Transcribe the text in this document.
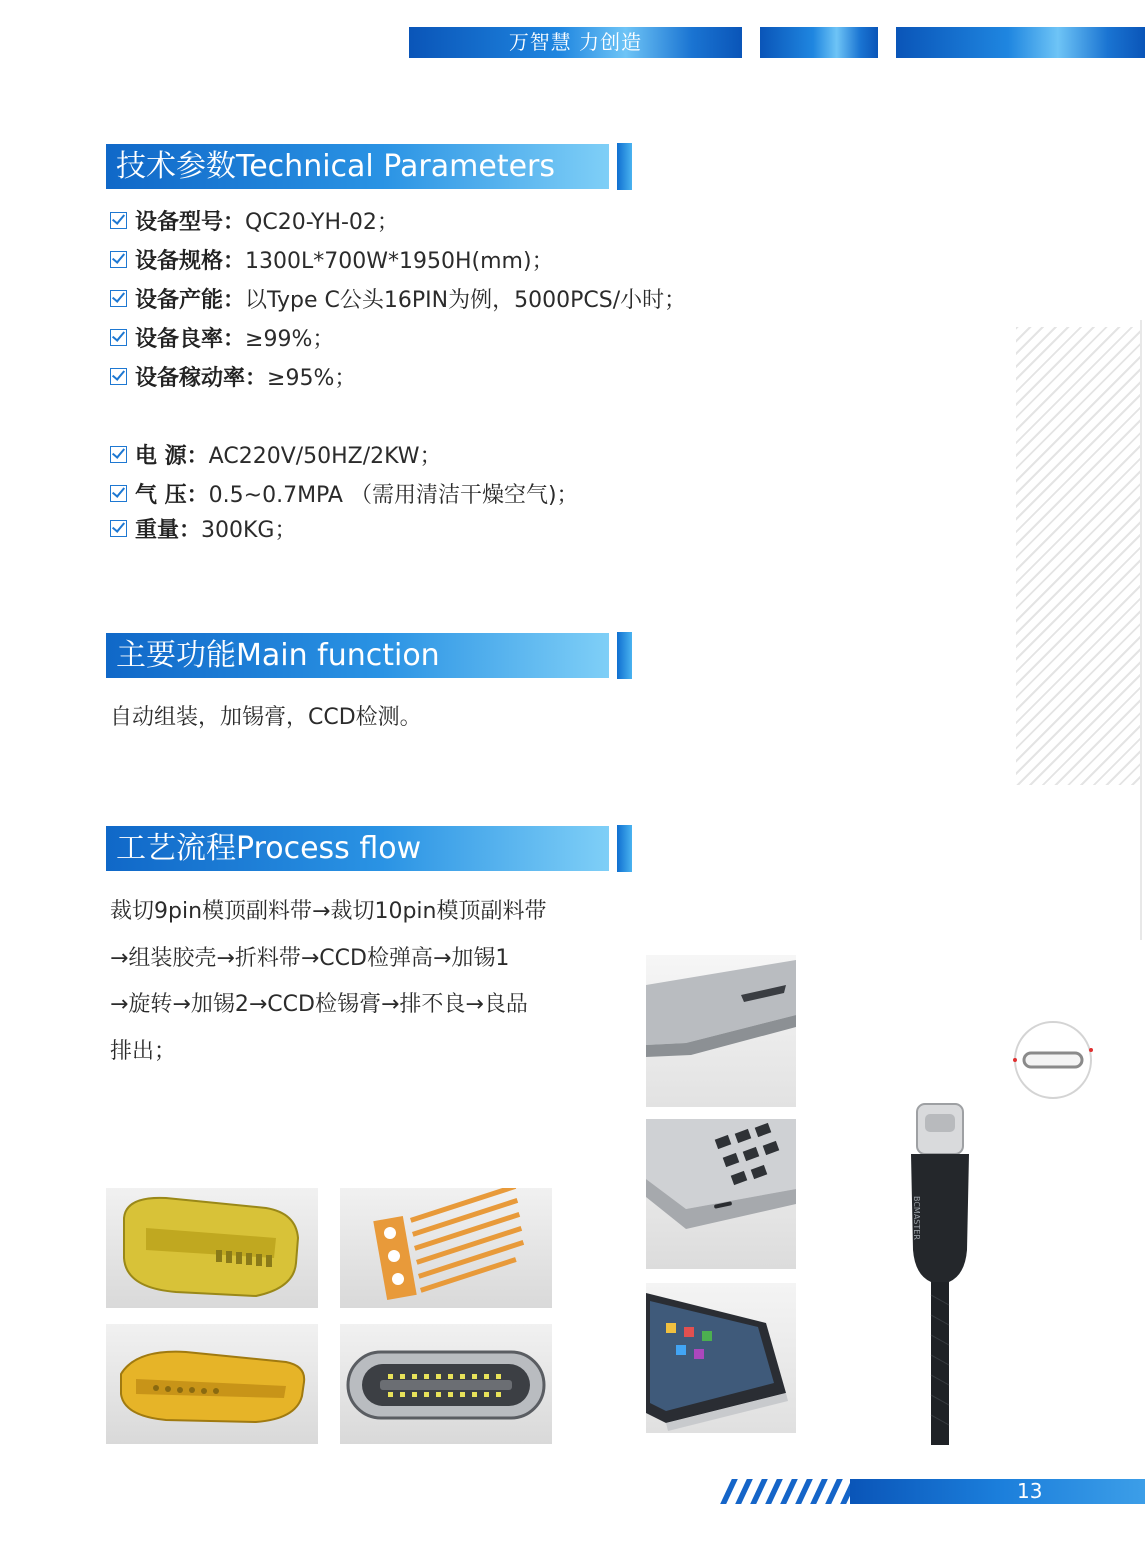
万智慧 力创造
技术参数Technical Parameters
设备型号： QC20-YH-02；
设备规格： 1300L*700W*1950H(mm)；
设备产能： 以Type C公头16PIN为例，5000PCS/小时；
设备良率： ≥99%；
设备稼动率： ≥95%；
电 源： AC220V/50HZ/2KW；
气 压： 0.5~0.7MPA （需用清洁干燥空气)；
重量： 300KG；
主要功能Main function
自动组装，加锡膏，CCD检测。
工艺流程Process flow
裁切9pin模顶副料带→裁切10pin模顶副料带
→组装胶壳→折料带→CCD检弹高→加锡1
→旋转→加锡2→CCD检锡膏→排不良→良品
排出；
BCMASTER
13
